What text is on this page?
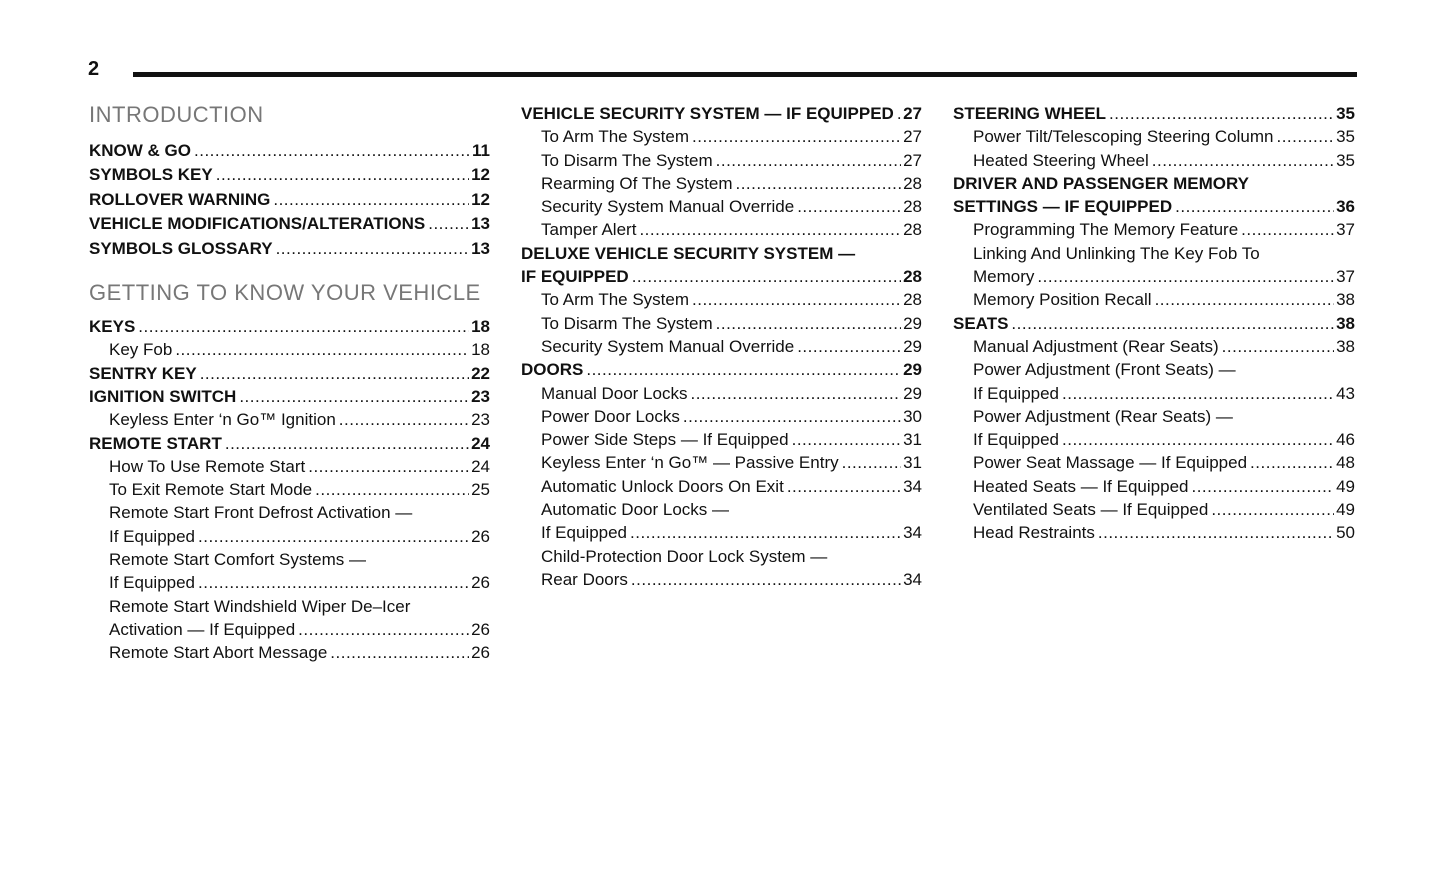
2
INTRODUCTION
KNOW & GO .....	11
SYMBOLS KEY .....	12
ROLLOVER WARNING .....	12
VEHICLE MODIFICATIONS/ALTERATIONS .....	13
SYMBOLS GLOSSARY .....	13
GETTING TO KNOW YOUR VEHICLE
KEYS .....	18
Key Fob .....	18
SENTRY KEY .....	22
IGNITION SWITCH .....	23
Keyless Enter ‘n Go™ Ignition .....	23
REMOTE START .....	24
How To Use Remote Start .....	24
To Exit Remote Start Mode .....	25
Remote Start Front Defrost Activation —
If Equipped .....	26
Remote Start Comfort Systems —
If Equipped .....	26
Remote Start Windshield Wiper De–Icer
Activation — If Equipped .....	26
Remote Start Abort Message .....	26
VEHICLE SECURITY SYSTEM — IF EQUIPPED ..... 27
To Arm The System .....	27
To Disarm The System .....	27
Rearming Of The System .....	28
Security System Manual Override .....	28
Tamper Alert .....	28
DELUXE VEHICLE SECURITY SYSTEM —
IF EQUIPPED .....	28
To Arm The System .....	28
To Disarm The System .....	29
Security System Manual Override .....	29
DOORS .....	29
Manual Door Locks .....	29
Power Door Locks .....	30
Power Side Steps — If Equipped .....	31
Keyless Enter ‘n Go™ — Passive Entry .....	31
Automatic Unlock Doors On Exit .....	34
Automatic Door Locks —
If Equipped .....	34
Child-Protection Door Lock System —
Rear Doors .....	34
STEERING WHEEL .....	35
Power Tilt/Telescoping Steering Column .....	35
Heated Steering Wheel .....	35
DRIVER AND PASSENGER MEMORY
SETTINGS — IF EQUIPPED .....	36
Programming The Memory Feature .....	37
Linking And Unlinking The Key Fob To
Memory .....	37
Memory Position Recall .....	38
SEATS .....	38
Manual Adjustment (Rear Seats) .....	38
Power Adjustment (Front Seats) —
If Equipped .....	43
Power Adjustment (Rear Seats) —
If Equipped .....	46
Power Seat Massage — If Equipped .....	48
Heated Seats — If Equipped .....	49
Ventilated Seats — If Equipped .....	49
Head Restraints .....	50
